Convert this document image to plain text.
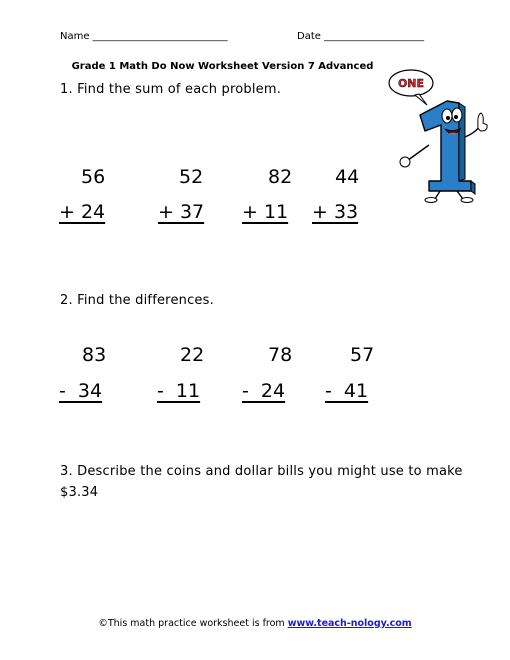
Name ___________________________	Date ____________________
Grade 1 Math Do Now Worksheet Version 7 Advanced
1. Find the sum of each problem.
56
+ 24
52
+ 37
82
+ 11
44
+ 33
2. Find the differences.
83
-  34
22
-  11
78
-  24
57
-  41
3. Describe the coins and dollar bills you might use to make $3.34
ONE
©This math practice worksheet is from www.teach-nology.com
